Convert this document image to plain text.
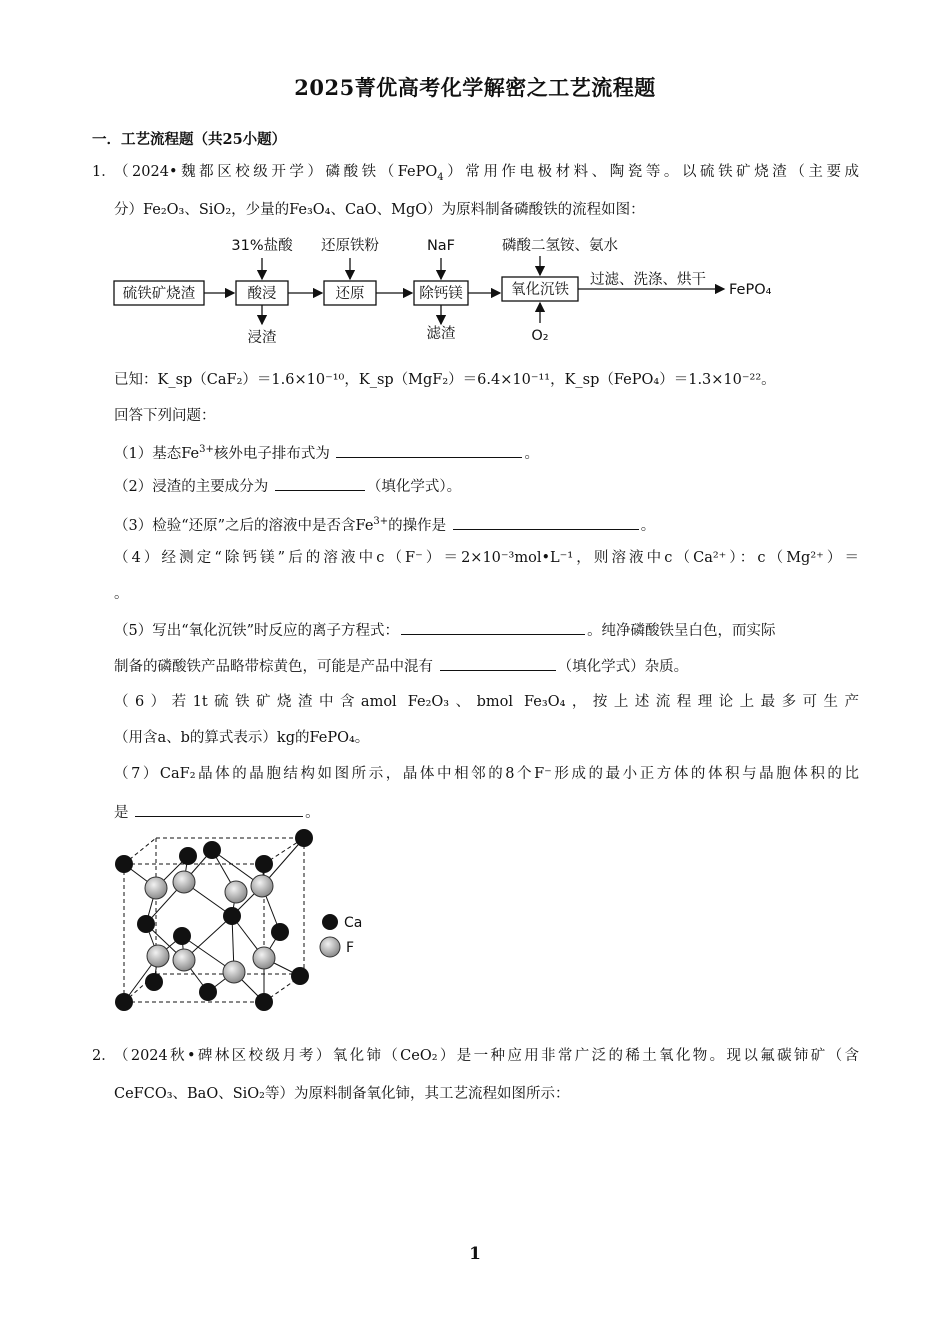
2025菁优高考化学解密之工艺流程题
一．工艺流程题（共25小题）
1．
（2024•魏都区校级开学）磷酸铁（FePO$_4$）常用作电极材料、陶瓷等。以硫铁矿烧渣（主要成
分）Fe₂O₃、SiO₂，少量的Fe₃O₄、CaO、MgO）为原料制备磷酸铁的流程如图：
硫铁矿烧渣	酸浸	还原	除钙镁	氧化沉铁
31%盐酸 还原铁粉	NaF	磷酸二氢铵、氨水
浸渣	滤渣	O₂
过滤、洗涤、烘干
FePO₄
已知：K_sp（CaF₂）＝1.6×10⁻¹⁰，K_sp（MgF₂）＝6.4×10⁻¹¹，K_sp（FePO₄）＝1.3×10⁻²²。
回答下列问题：
（1）基态$Fe^{3+}$核外电子排布式为	。
（2）浸渣的主要成分为	（填化学式）。
（3）检验“还原”之后的溶液中是否含$Fe^{3+}$的操作是	。
（4）经测定“除钙镁”后的溶液中c（F⁻）＝2×10⁻³mol•L⁻¹，则溶液中c（Ca²⁺）：c（Mg²⁺）＝
。
（5）写出“氧化沉铁”时反应的离子方程式：	。纯净磷酸铁呈白色，而实际
制备的磷酸铁产品略带棕黄色，可能是产品中混有	（填化学式）杂质。
（6）若1t硫铁矿烧渣中含amol Fe₂O₃、bmol Fe₃O₄，按上述流程理论上最多可生产
（用含a、b的算式表示）kg的FePO₄。
（7）CaF₂晶体的晶胞结构如图所示，晶体中相邻的8个F⁻形成的最小正方体的体积与晶胞体积的比
是	。
Ca
F
2．
（2024秋•碑林区校级月考）氧化铈（CeO₂）是一种应用非常广泛的稀土氧化物。现以氟碳铈矿（含
CeFCO₃、BaO、SiO₂等）为原料制备氧化铈，其工艺流程如图所示：
1
